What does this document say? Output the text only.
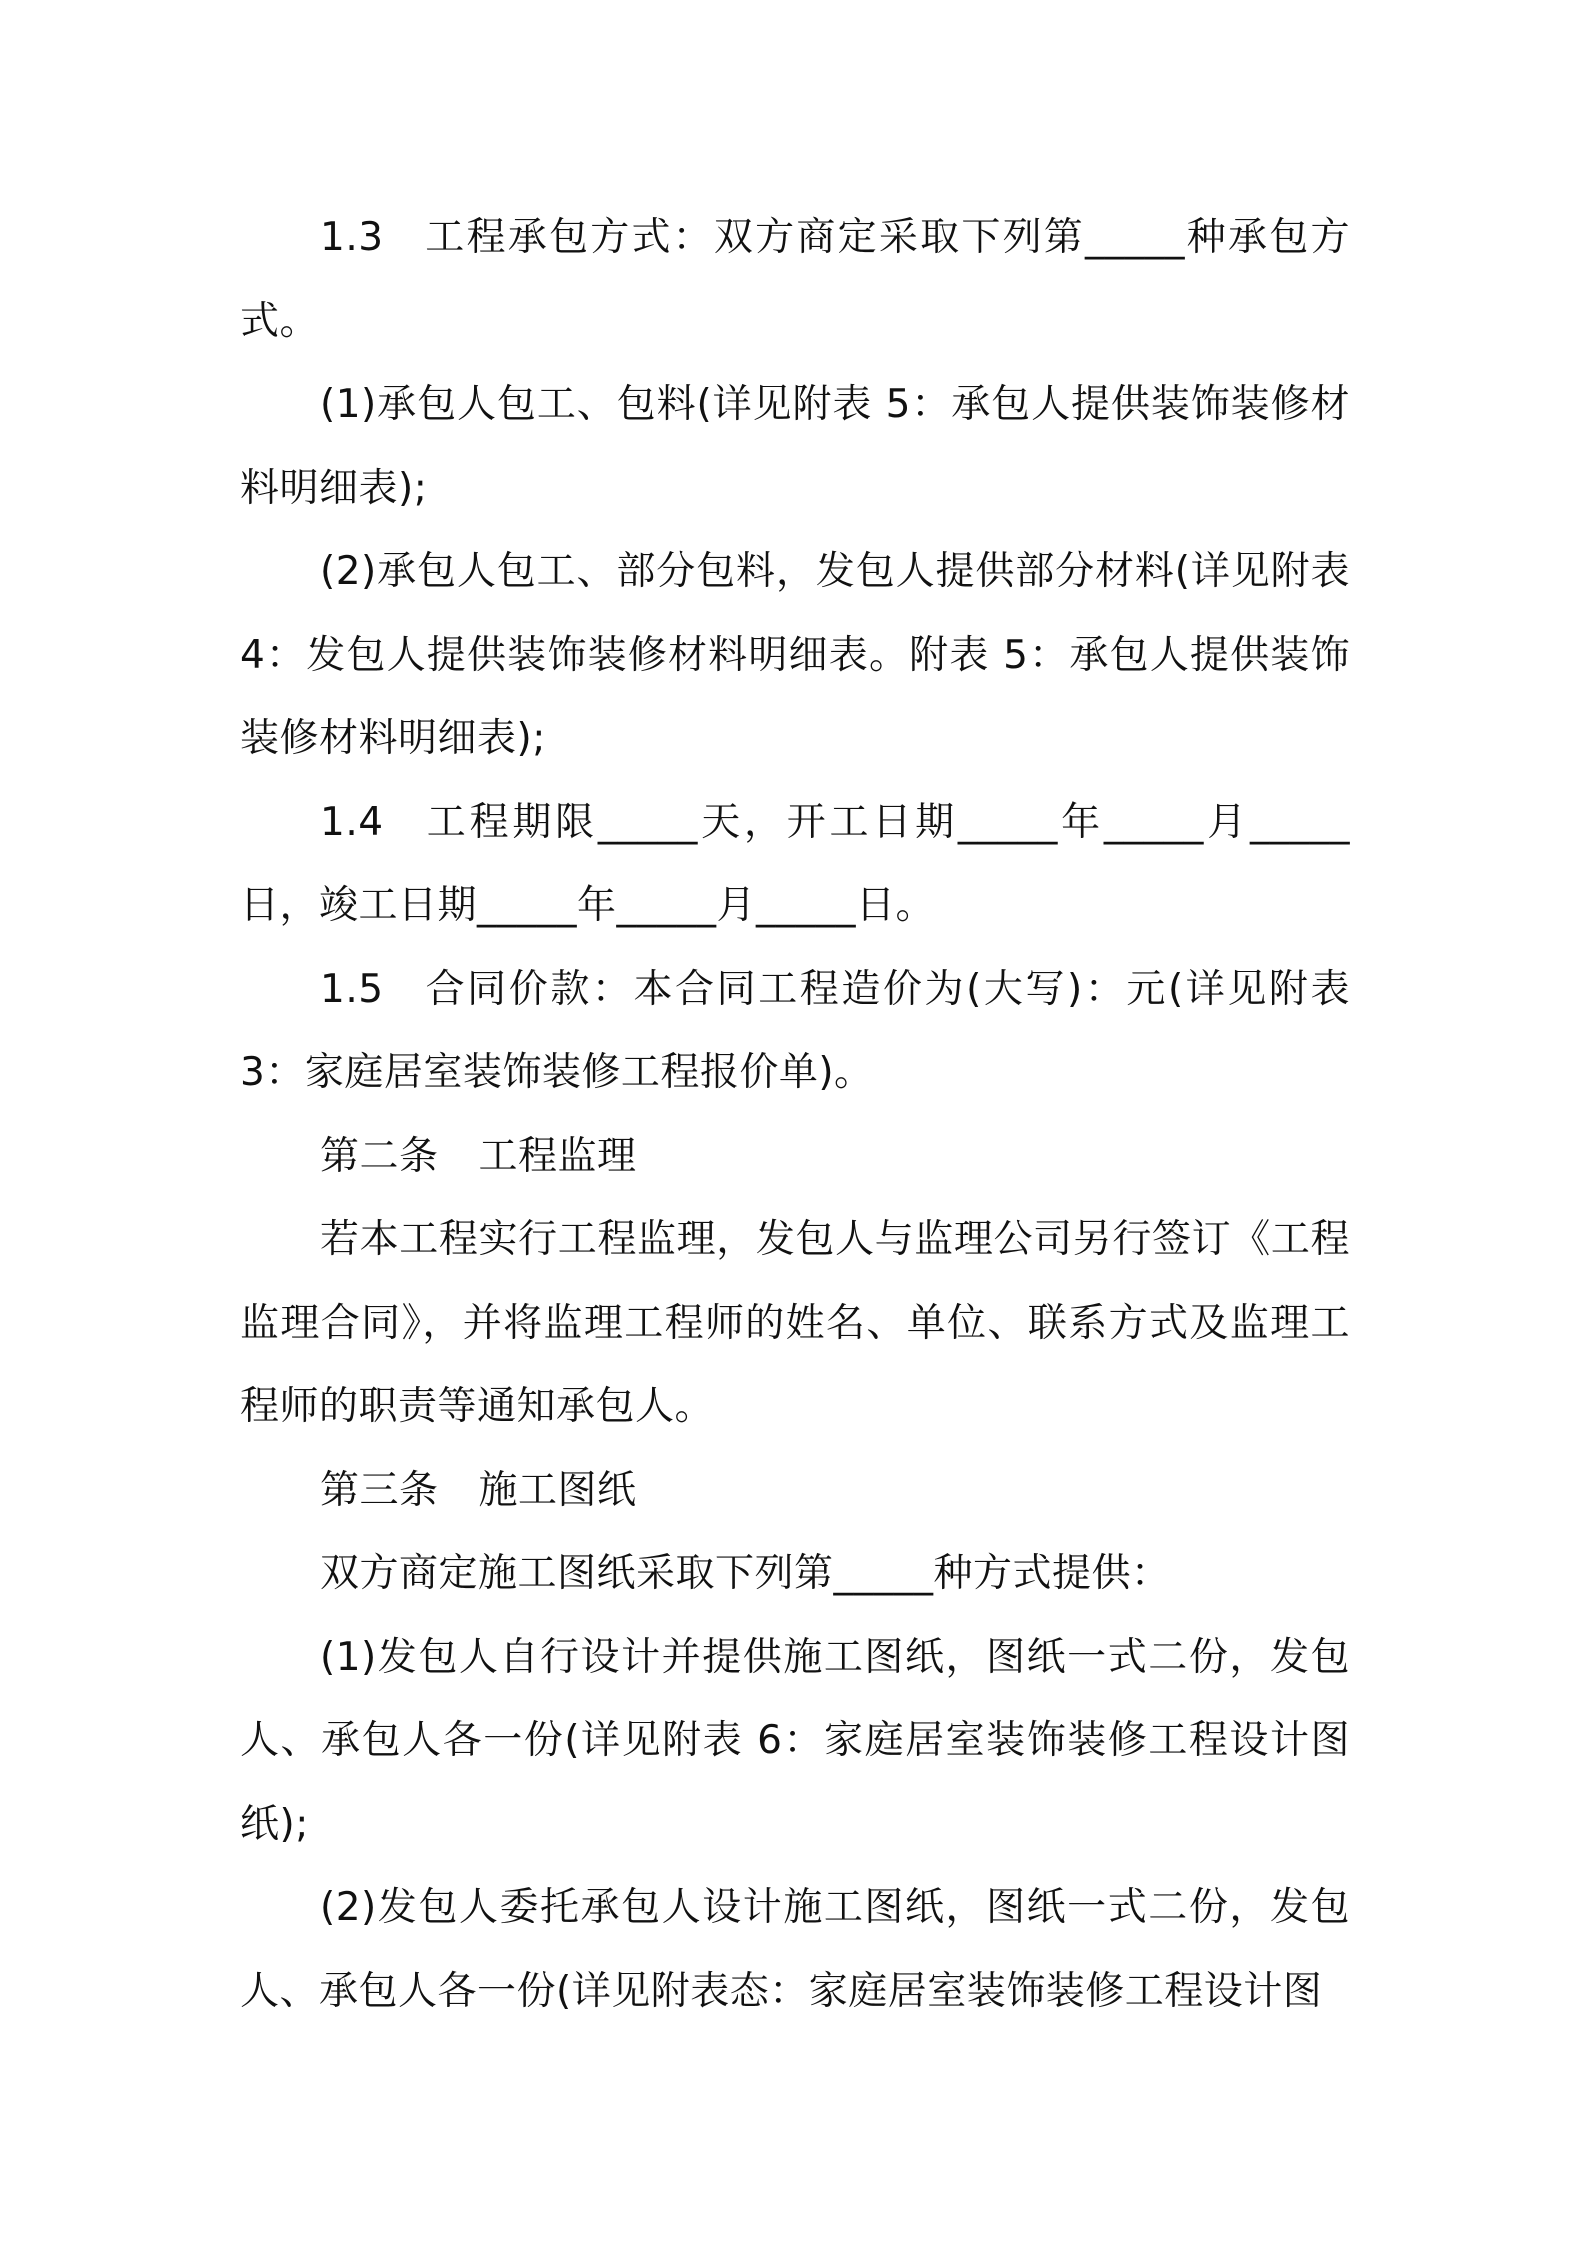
1.3 工程承包方式：双方商定采取下列第_____种承包方式。

(1)承包人包工、包料(详见附表 5：承包人提供装饰装修材料明细表);

(2)承包人包工、部分包料，发包人提供部分材料(详见附表 4：发包人提供装饰装修材料明细表。附表 5：承包人提供装饰装修材料明细表);

1.4 工程期限_____天，开工日期_____年_____月_____日，竣工日期_____年_____月_____日。

1.5 合同价款：本合同工程造价为(大写)：元(详见附表 3：家庭居室装饰装修工程报价单)。

第二条 工程监理

若本工程实行工程监理，发包人与监理公司另行签订《工程监理合同》，并将监理工程师的姓名、单位、联系方式及监理工程师的职责等通知承包人。

第三条 施工图纸

双方商定施工图纸采取下列第_____种方式提供：

(1)发包人自行设计并提供施工图纸，图纸一式二份，发包人、承包人各一份(详见附表 6：家庭居室装饰装修工程设计图纸);

(2)发包人委托承包人设计施工图纸，图纸一式二份，发包人、承包人各一份(详见附表态：家庭居室装饰装修工程设计图
